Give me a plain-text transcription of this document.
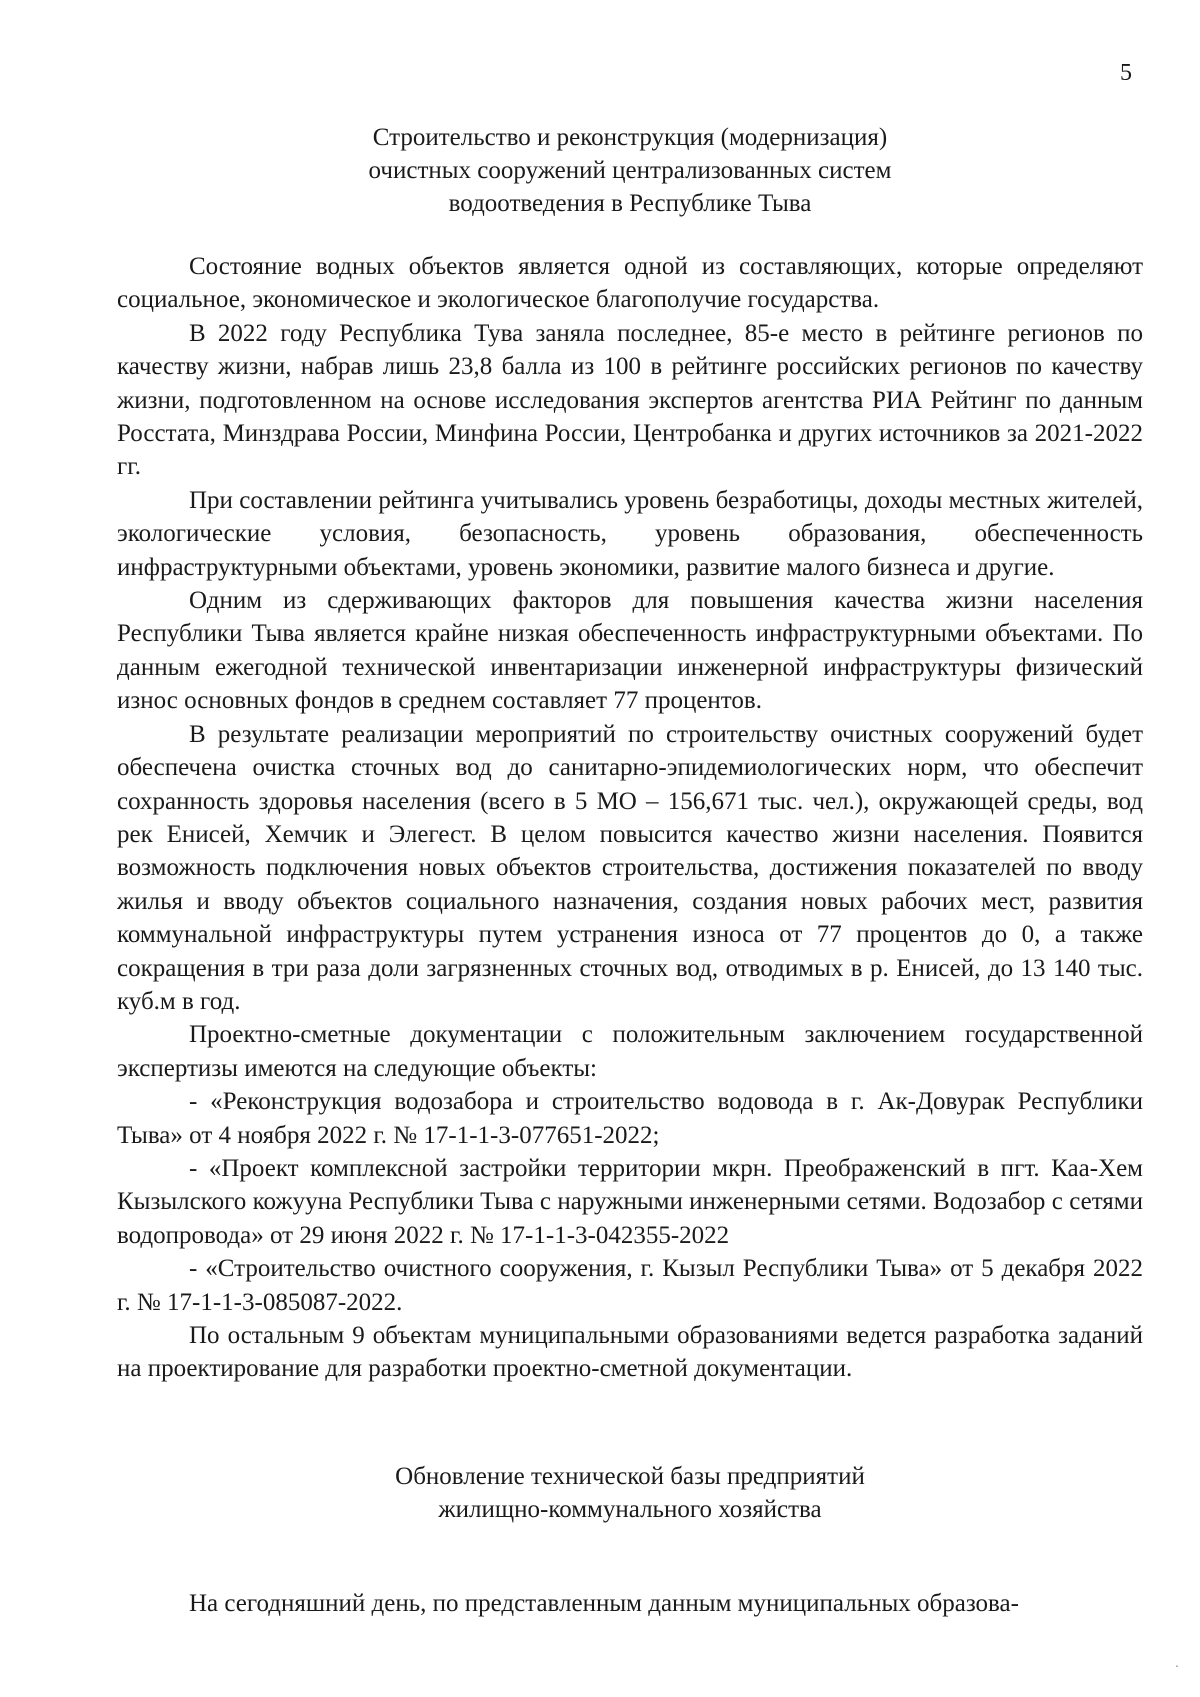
5
Строительство и реконструкция (модернизация)
очистных сооружений централизованных систем
водоотведения в Республике Тыва

Состояние водных объектов является одной из составляющих, которые определяют социальное, экономическое и экологическое благополучие государства.

В 2022 году Республика Тува заняла последнее, 85-е место в рейтинге регионов по качеству жизни, набрав лишь 23,8 балла из 100 в рейтинге российских регионов по качеству жизни, подготовленном на основе исследования экспертов агентства РИА Рейтинг по данным Росстата, Минздрава России, Минфина России, Центробанка и других источников за 2021-2022 гг.

При составлении рейтинга учитывались уровень безработицы, доходы местных жителей, экологические условия, безопасность, уровень образования, обеспеченность инфраструктурными объектами, уровень экономики, развитие малого бизнеса и другие.

Одним из сдерживающих факторов для повышения качества жизни населения Республики Тыва является крайне низкая обеспеченность инфраструктурными объектами. По данным ежегодной технической инвентаризации инженерной инфраструктуры физический износ основных фондов в среднем составляет 77 процентов.

В результате реализации мероприятий по строительству очистных сооружений будет обеспечена очистка сточных вод до санитарно-эпидемиологических норм, что обеспечит сохранность здоровья населения (всего в 5 МО – 156,671 тыс. чел.), окружающей среды, вод рек Енисей, Хемчик и Элегест. В целом повысится качество жизни населения. Появится возможность подключения новых объектов строительства, достижения показателей по вводу жилья и вводу объектов социального назначения, создания новых рабочих мест, развития коммунальной инфраструктуры путем устранения износа от 77 процентов до 0, а также сокращения в три раза доли загрязненных сточных вод, отводимых в р. Енисей, до 13 140 тыс. куб.м в год.

Проектно-сметные документации с положительным заключением государственной экспертизы имеются на следующие объекты:

- «Реконструкция водозабора и строительство водовода в г. Ак-Довурак Республики Тыва» от 4 ноября 2022 г. № 17-1-1-3-077651-2022;

- «Проект комплексной застройки территории мкрн. Преображенский в пгт. Каа-Хем Кызылского кожууна Республики Тыва с наружными инженерными сетями. Водозабор с сетями водопровода» от 29 июня 2022 г. № 17-1-1-3-042355-2022

- «Строительство очистного сооружения, г. Кызыл Республики Тыва» от 5 декабря 2022 г. № 17-1-1-3-085087-2022.

По остальным 9 объектам муниципальными образованиями ведется разработка заданий на проектирование для разработки проектно-сметной документации.

Обновление технической базы предприятий
жилищно-коммунального хозяйства

На сегодняшний день, по представленным данным муниципальных образова-

·
